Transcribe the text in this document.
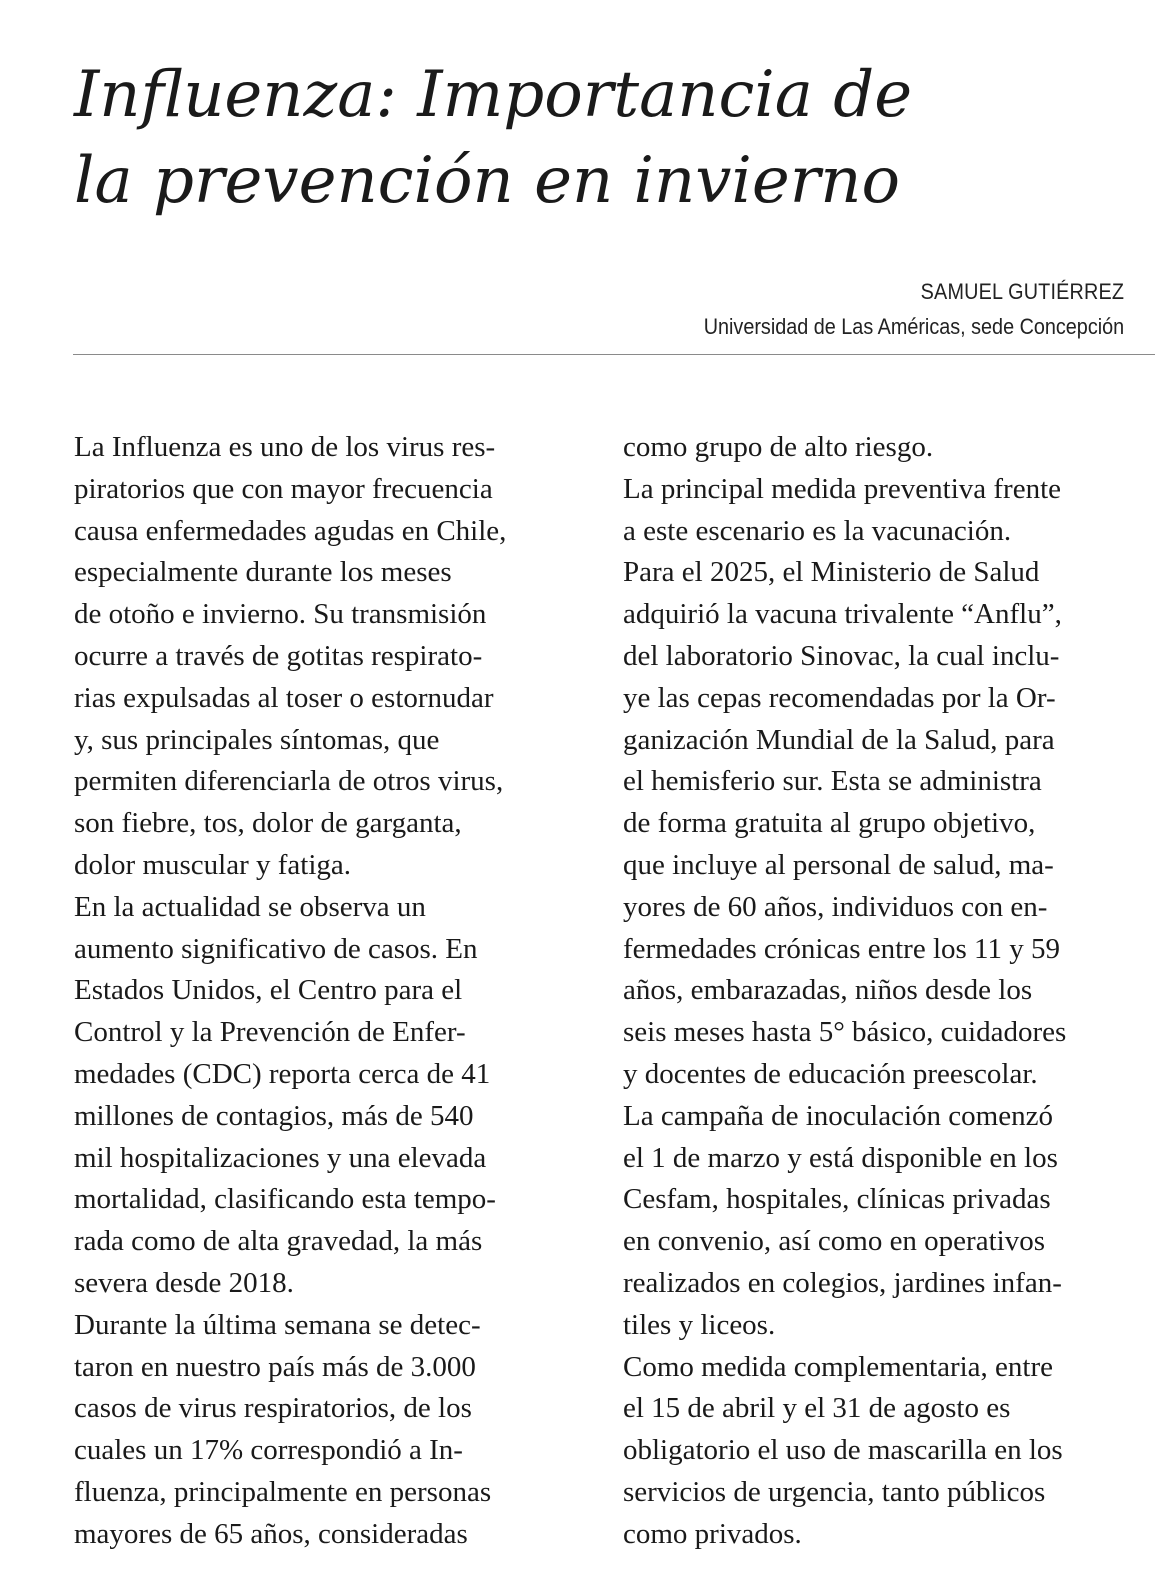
Influenza: Importancia de
la prevención en invierno
SAMUEL GUTIÉRREZ
Universidad de Las Américas, sede Concepción
La Influenza es uno de los virus res-
piratorios que con mayor frecuencia
causa enfermedades agudas en Chile,
especialmente durante los meses
de otoño e invierno. Su transmisión
ocurre a través de gotitas respirato-
rias expulsadas al toser o estornudar
y, sus principales síntomas, que
permiten diferenciarla de otros virus,
son fiebre, tos, dolor de garganta,
dolor muscular y fatiga.
En la actualidad se observa un
aumento significativo de casos. En
Estados Unidos, el Centro para el
Control y la Prevención de Enfer-
medades (CDC) reporta cerca de 41
millones de contagios, más de 540
mil hospitalizaciones y una elevada
mortalidad, clasificando esta tempo-
rada como de alta gravedad, la más
severa desde 2018.
Durante la última semana se detec-
taron en nuestro país más de 3.000
casos de virus respiratorios, de los
cuales un 17% correspondió a In-
fluenza, principalmente en personas
mayores de 65 años, consideradas
como grupo de alto riesgo.
La principal medida preventiva frente
a este escenario es la vacunación.
Para el 2025, el Ministerio de Salud
adquirió la vacuna trivalente “Anflu”,
del laboratorio Sinovac, la cual inclu-
ye las cepas recomendadas por la Or-
ganización Mundial de la Salud, para
el hemisferio sur. Esta se administra
de forma gratuita al grupo objetivo,
que incluye al personal de salud, ma-
yores de 60 años, individuos con en-
fermedades crónicas entre los 11 y 59
años, embarazadas, niños desde los
seis meses hasta 5° básico, cuidadores
y docentes de educación preescolar.
La campaña de inoculación comenzó
el 1 de marzo y está disponible en los
Cesfam, hospitales, clínicas privadas
en convenio, así como en operativos
realizados en colegios, jardines infan-
tiles y liceos.
Como medida complementaria, entre
el 15 de abril y el 31 de agosto es
obligatorio el uso de mascarilla en los
servicios de urgencia, tanto públicos
como privados.
